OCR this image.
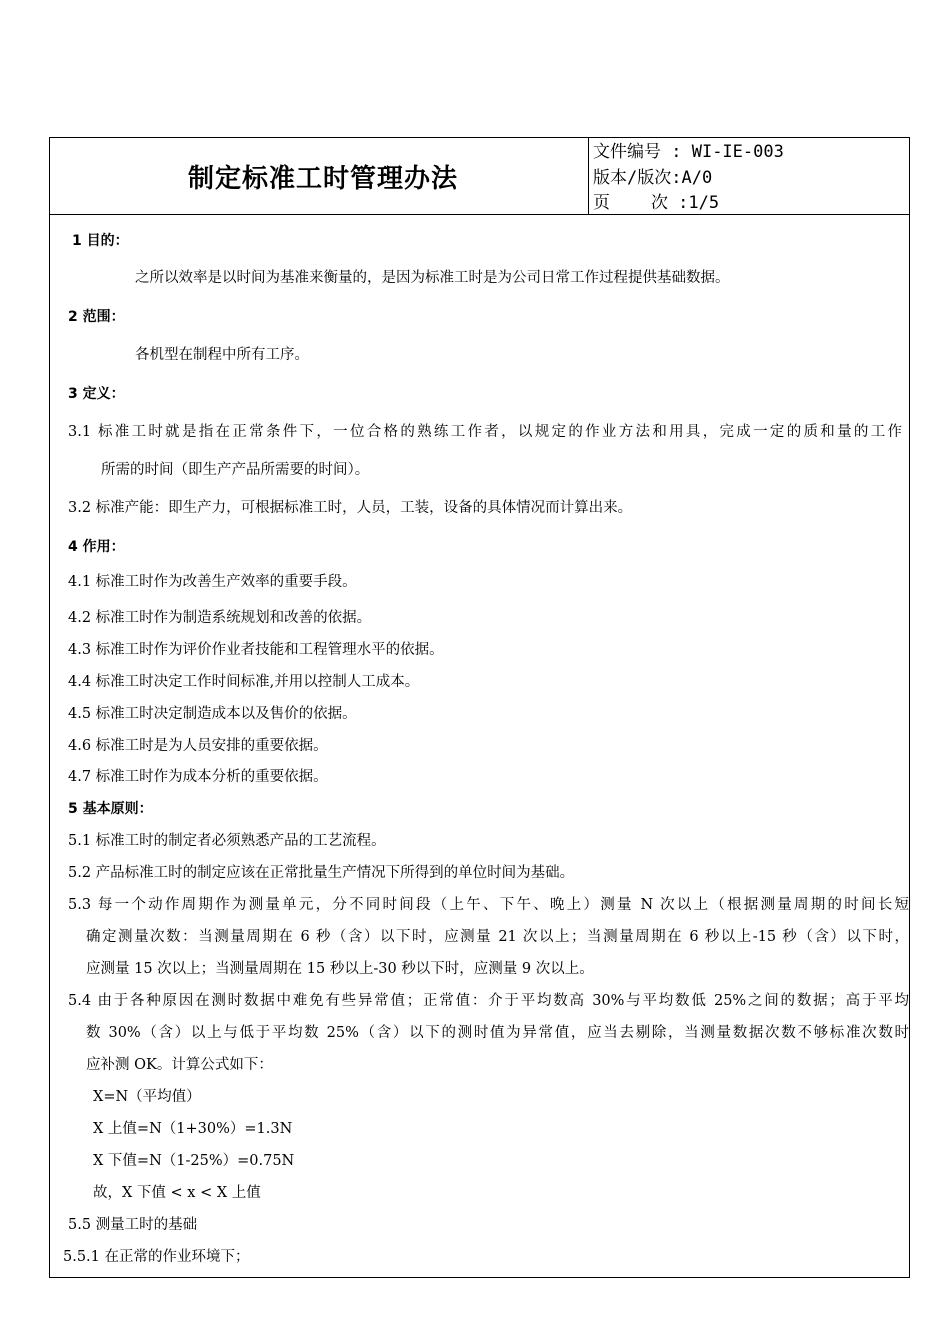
制定标准工时管理办法
文件编号 : WI-IE-003
版本/版次:A/0
页    次 :1/5
1 目的：
之所以效率是以时间为基准来衡量的，是因为标准工时是为公司日常工作过程提供基础数据。
2 范围：
各机型在制程中所有工序。
3 定义：
3.1 标准工时就是指在正常条件下，一位合格的熟练工作者，以规定的作业方法和用具，完成一定的质和量的工作
所需的时间（即生产产品所需要的时间）。
3.2 标准产能：即生产力，可根据标准工时，人员，工装，设备的具体情况而计算出来。
4 作用：
4.1 标准工时作为改善生产效率的重要手段。
4.2 标准工时作为制造系统规划和改善的依据。
4.3 标准工时作为评价作业者技能和工程管理水平的依据。
4.4 标准工时决定工作时间标准,并用以控制人工成本。
4.5 标准工时决定制造成本以及售价的依据。
4.6 标准工时是为人员安排的重要依据。
4.7 标准工时作为成本分析的重要依据。
5 基本原则：
5.1 标准工时的制定者必须熟悉产品的工艺流程。
5.2 产品标准工时的制定应该在正常批量生产情况下所得到的单位时间为基础。
5.3 每一个动作周期作为测量单元，分不同时间段（上午、下午、晚上）测量 N 次以上（根据测量周期的时间长短
确定测量次数：当测量周期在 6 秒（含）以下时，应测量 21 次以上；当测量周期在 6 秒以上-15 秒（含）以下时，
应测量 15 次以上；当测量周期在 15 秒以上-30 秒以下时，应测量 9 次以上。
5.4 由于各种原因在测时数据中难免有些异常值；正常值：介于平均数高 30%与平均数低 25%之间的数据；高于平均
数 30%（含）以上与低于平均数 25%（含）以下的测时值为异常值，应当去剔除，当测量数据次数不够标准次数时
应补测 OK。计算公式如下：
X=N（平均值）
X 上值=N（1+30%）=1.3N
X 下值=N（1-25%）=0.75N
故，X 下值 < x < X 上值
5.5 测量工时的基础
5.5.1 在正常的作业环境下；
